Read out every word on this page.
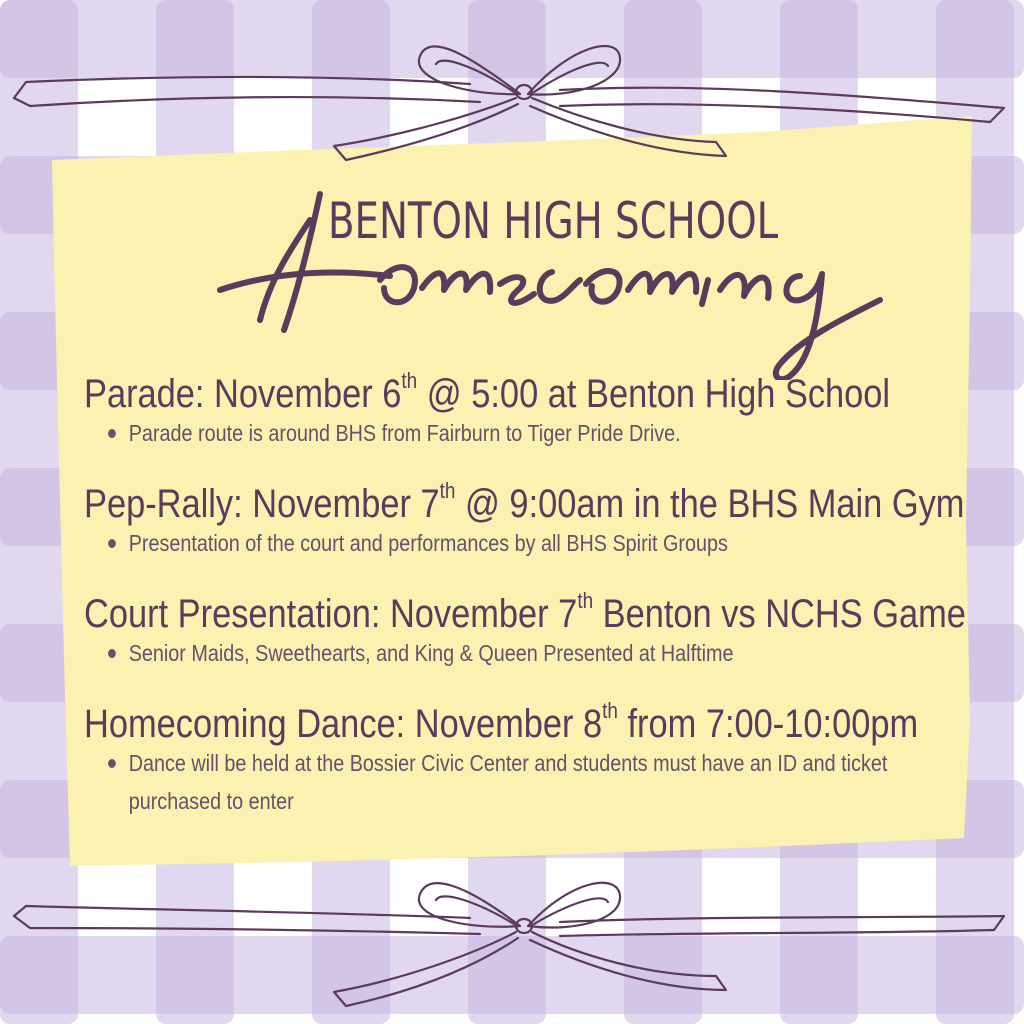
BENTON HIGH SCHOOL
Parade: November 6th @ 5:00 at Benton High School
Parade route is around BHS from Fairburn to Tiger Pride Drive.
Pep-Rally: November 7th @ 9:00am in the BHS Main Gym
Presentation of the court and performances by all BHS Spirit Groups
Court Presentation: November 7th Benton vs NCHS Game
Senior Maids, Sweethearts, and King & Queen Presented at Halftime
Homecoming Dance: November 8th from 7:00-10:00pm
Dance will be held at the Bossier Civic Center and students must have an ID and ticket purchased to enter
